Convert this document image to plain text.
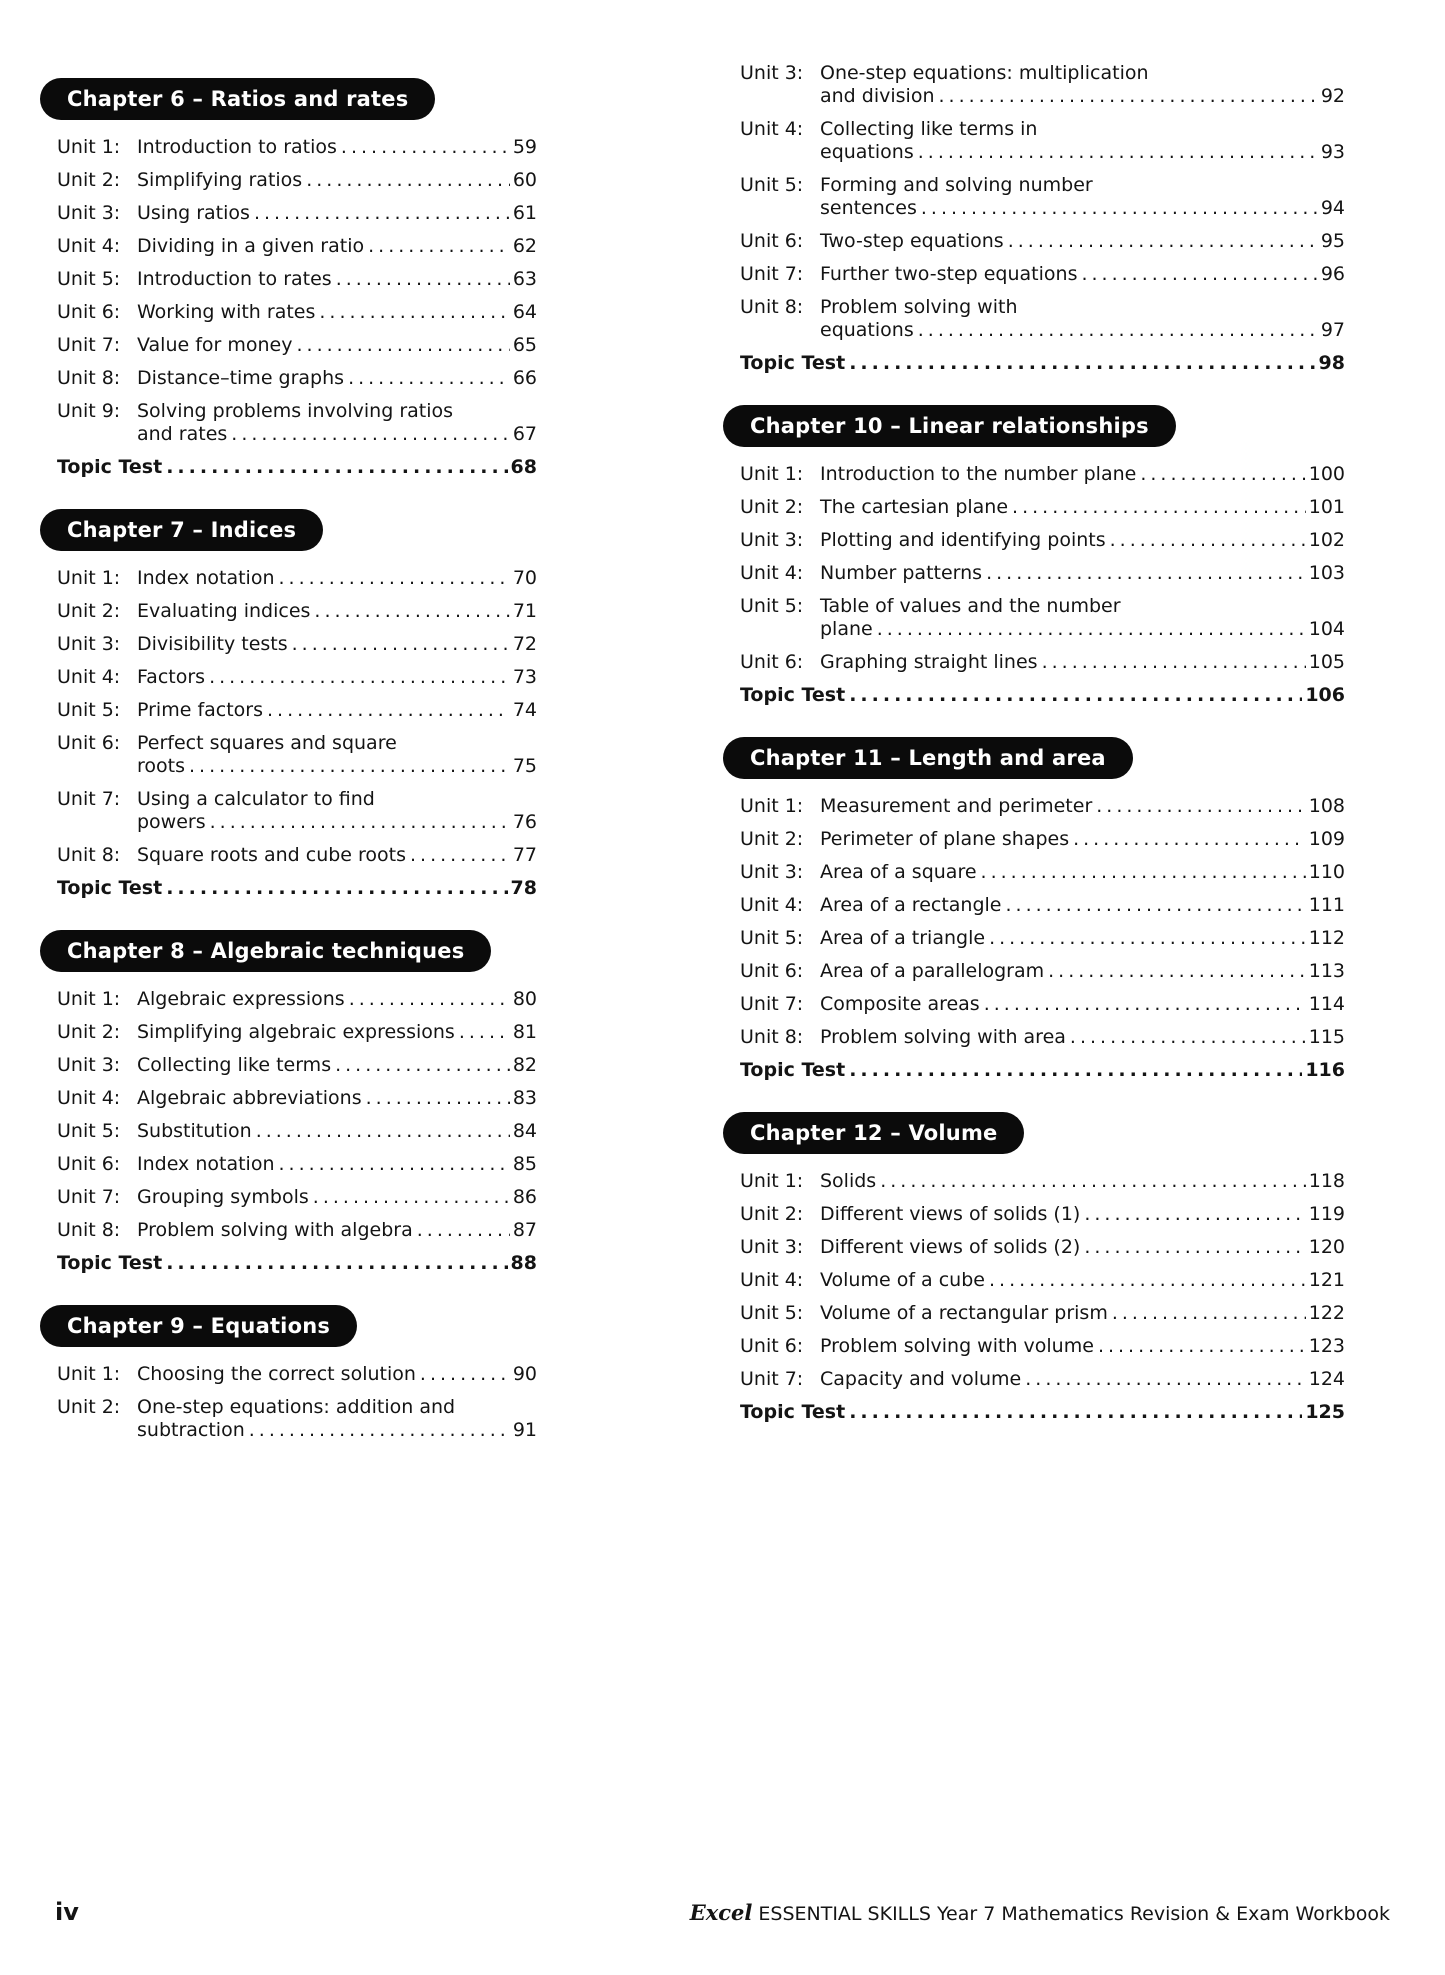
Chapter 6 – Ratios and rates
Unit 1: Introduction to ratios .....	59
Unit 2: Simplifying ratios .....	60
Unit 3: Using ratios .....	61
Unit 4: Dividing in a given ratio .....	62
Unit 5: Introduction to rates .....	63
Unit 6: Working with rates .....	64
Unit 7: Value for money .....	65
Unit 8: Distance–time graphs .....	66
Unit 9: Solving problems involving ratios
and rates .....	67
Topic Test .....	68
Chapter 7 – Indices
Unit 1: Index notation .....	70
Unit 2: Evaluating indices .....	71
Unit 3: Divisibility tests .....	72
Unit 4: Factors .....	73
Unit 5: Prime factors .....	74
Unit 6: Perfect squares and square
roots .....	75
Unit 7: Using a calculator to find
powers .....	76
Unit 8: Square roots and cube roots .....	77
Topic Test .....	78
Chapter 8 – Algebraic techniques
Unit 1: Algebraic expressions .....	80
Unit 2: Simplifying algebraic expressions .....	81
Unit 3: Collecting like terms .....	82
Unit 4: Algebraic abbreviations .....	83
Unit 5: Substitution .....	84
Unit 6: Index notation .....	85
Unit 7: Grouping symbols .....	86
Unit 8: Problem solving with algebra .....	87
Topic Test .....	88
Chapter 9 – Equations
Unit 1: Choosing the correct solution .....	90
Unit 2: One-step equations: addition and
subtraction .....	91
Unit 3: One-step equations: multiplication
and division .....	92
Unit 4: Collecting like terms in
equations .....	93
Unit 5: Forming and solving number
sentences .....	94
Unit 6: Two-step equations .....	95
Unit 7: Further two-step equations .....	96
Unit 8: Problem solving with
equations .....	97
Topic Test .....	98
Chapter 10 – Linear relationships
Unit 1: Introduction to the number plane .....	100
Unit 2: The cartesian plane .....	101
Unit 3: Plotting and identifying points .....	102
Unit 4: Number patterns .....	103
Unit 5: Table of values and the number
plane .....	104
Unit 6: Graphing straight lines .....	105
Topic Test .....	106
Chapter 11 – Length and area
Unit 1: Measurement and perimeter .....	108
Unit 2: Perimeter of plane shapes .....	109
Unit 3: Area of a square .....	110
Unit 4: Area of a rectangle .....	111
Unit 5: Area of a triangle .....	112
Unit 6: Area of a parallelogram .....	113
Unit 7: Composite areas .....	114
Unit 8: Problem solving with area .....	115
Topic Test .....	116
Chapter 12 – Volume
Unit 1: Solids .....	118
Unit 2: Different views of solids (1) .....	119
Unit 3: Different views of solids (2) .....	120
Unit 4: Volume of a cube .....	121
Unit 5: Volume of a rectangular prism .....	122
Unit 6: Problem solving with volume .....	123
Unit 7: Capacity and volume .....	124
Topic Test .....	125
iv	Excel ESSENTIAL SKILLS Year 7 Mathematics Revision & Exam Workbook
